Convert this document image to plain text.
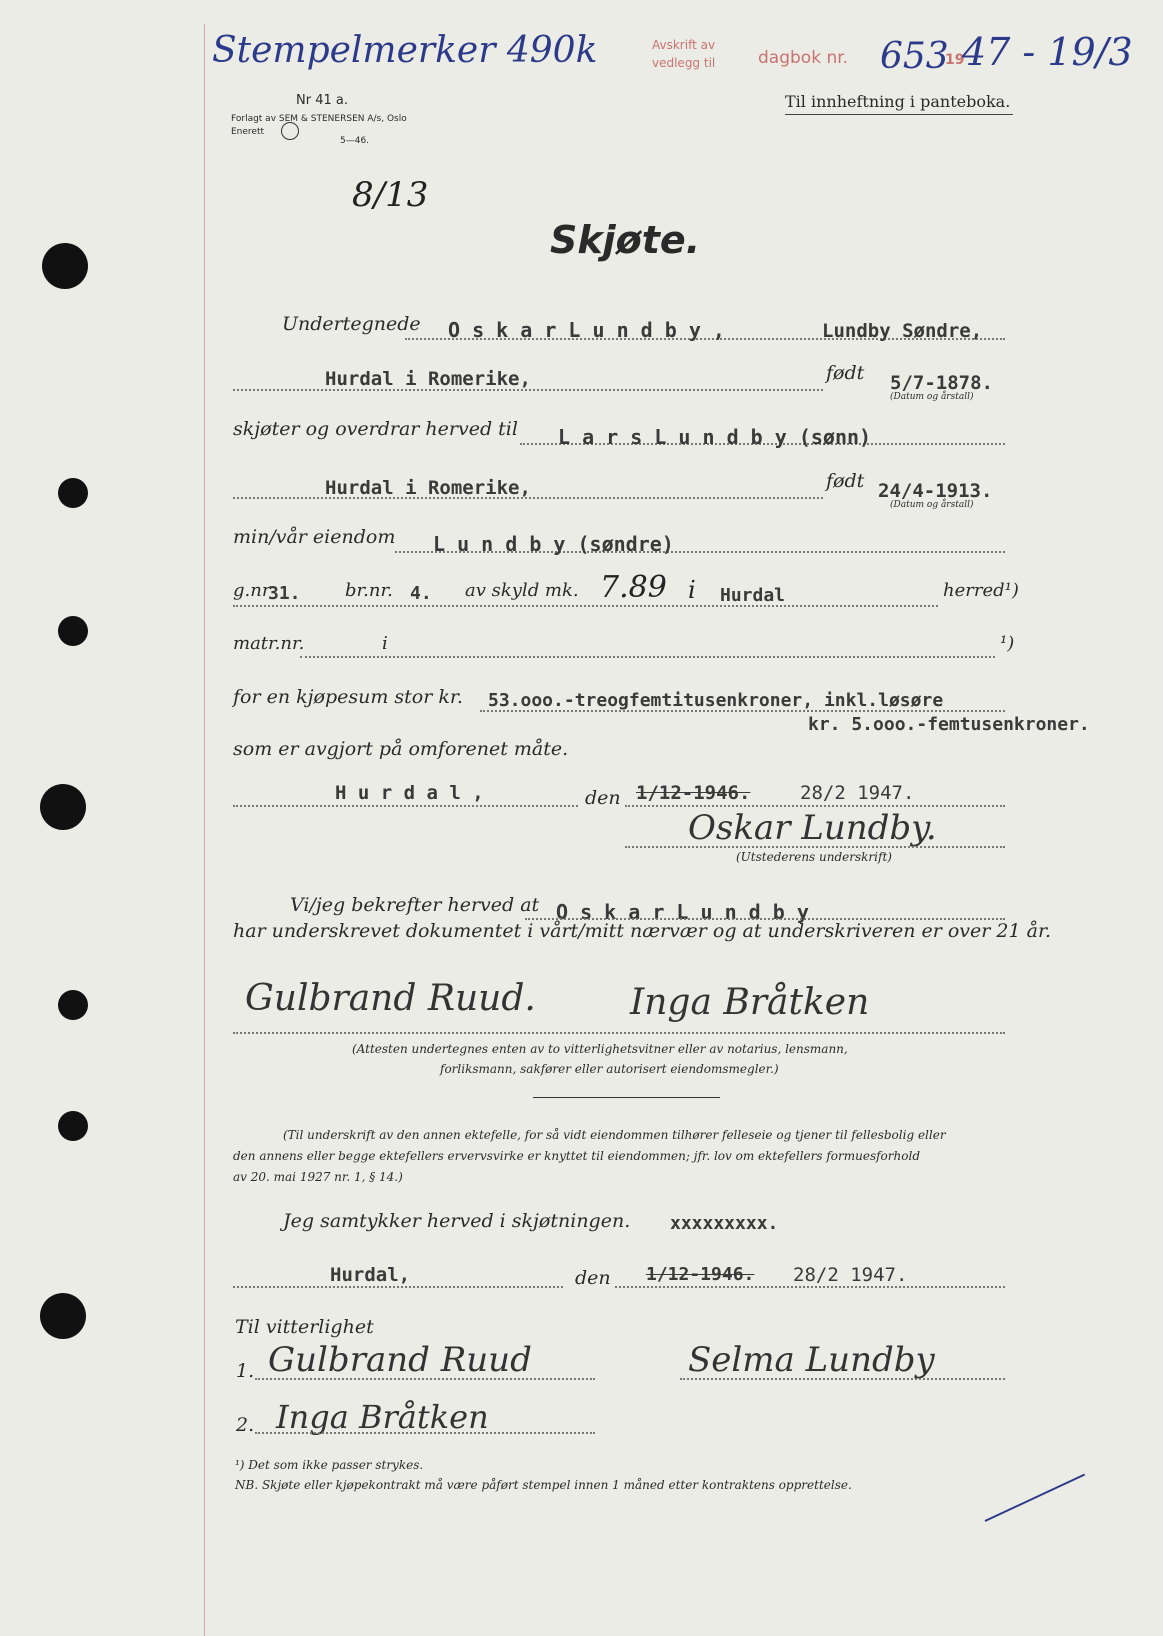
Stempelmerker 490k	Avskrift av
vedlegg til	dagbok nr. 653
19
47 - 19/3
Til innheftning i panteboka.
Nr 41 a.
Forlagt av SEM & STENERSEN A/s, Oslo
Enerett
5—46.
8/13
Skjøte.
Undertegnede O s k a r L u n d b y ,	Lundby Søndre,
Hurdal i Romerike,	født 5/7-1878.
(Datum og årstall)
skjøter og overdrar herved til L a r s L u n d b y (sønn)
Hurdal i Romerike,	født 24/4-1913.
(Datum og årstall)
min/vår eiendom L u n d b y (søndre)
g.nr
31. br.nr. 4. av skyld mk. 7.89 i Hurdal	herred¹)
matr.nr.	i	¹)
for en kjøpesum stor kr. 53.ooo.-treogfemtitusenkroner, inkl.løsøre
kr. 5.ooo.-femtusenkroner.
som er avgjort på omforenet måte.
H u r d a l ,	den 1/12-1946.	28/2 1947.
Oskar Lundby.
(Utstederens underskrift)
Vi/jeg bekrefter herved at O s k a r L u n d b y
har underskrevet dokumentet i vårt/mitt nærvær og at underskriveren er over 21 år.
Gulbrand Ruud.	Inga Bråtken
(Attesten undertegnes enten av to vitterlighetsvitner eller av notarius, lensmann,
forliksmann, sakfører eller autorisert eiendomsmegler.)
(Til underskrift av den annen ektefelle, for så vidt eiendommen tilhører felleseie og tjener til fellesbolig eller
den annens eller begge ektefellers ervervsvirke er knyttet til eiendommen; jfr. lov om ektefellers formuesforhold
av 20. mai 1927 nr. 1, § 14.)
Jeg samtykker herved i skjøtningen. xxxxxxxxx.
Hurdal,	den 1/12-1946. 28/2 1947.
Til vitterlighet
1. Gulbrand Ruud	Selma Lundby
2. Inga Bråtken
¹) Det som ikke passer strykes.
NB. Skjøte eller kjøpekontrakt må være påført stempel innen 1 måned etter kontraktens opprettelse.
